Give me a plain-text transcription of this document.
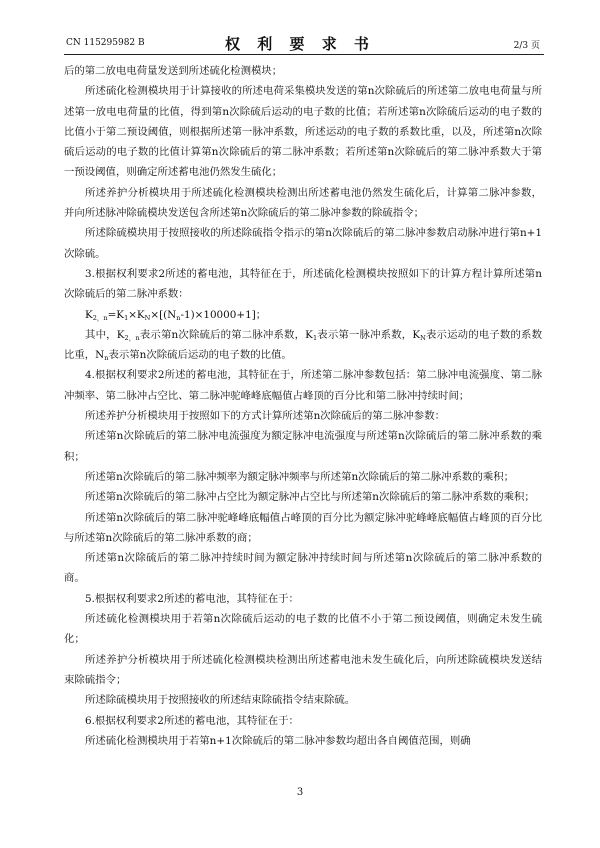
CN 115295982 B	权 利 要 求 书	2/3 页

后的第二放电电荷量发送到所述硫化检测模块；

所述硫化检测模块用于计算接收的所述电荷采集模块发送的第n次除硫后的所述第二放电电荷量与所述第一放电电荷量的比值，得到第n次除硫后运动的电子数的比值；若所述第n次除硫后运动的电子数的比值小于第二预设阈值，则根据所述第一脉冲系数，所述运动的电子数的系数比重，以及，所述第n次除硫后运动的电子数的比值计算第n次除硫后的第二脉冲系数；若所述第n次除硫后的第二脉冲系数大于第一预设阈值，则确定所述蓄电池仍然发生硫化；

所述养护分析模块用于所述硫化检测模块检测出所述蓄电池仍然发生硫化后，计算第二脉冲参数，并向所述脉冲除硫模块发送包含所述第n次除硫后的第二脉冲参数的除硫指令；

所述除硫模块用于按照接收的所述除硫指令指示的第n次除硫后的第二脉冲参数启动脉冲进行第n+1次除硫。

3.根据权利要求2所述的蓄电池，其特征在于，所述硫化检测模块按照如下的计算方程计算所述第n次除硫后的第二脉冲系数：

$K_{2,n}=K_1\times K_N\times[(N_n-1)\times 10000+1]$；

其中，$K_{2,n}$表示第n次除硫后的第二脉冲系数，$K_1$表示第一脉冲系数，$K_N$表示运动的电子数的系数比重，$N_n$表示第n次除硫后运动的电子数的比值。

4.根据权利要求2所述的蓄电池，其特征在于，所述第二脉冲参数包括：第二脉冲电流强度、第二脉冲频率、第二脉冲占空比、第二脉冲驼峰峰底幅值占峰顶的百分比和第二脉冲持续时间；

所述养护分析模块用于按照如下的方式计算所述第n次除硫后的第二脉冲参数：

所述第n次除硫后的第二脉冲电流强度为额定脉冲电流强度与所述第n次除硫后的第二脉冲系数的乘积；

所述第n次除硫后的第二脉冲频率为额定脉冲频率与所述第n次除硫后的第二脉冲系数的乘积；

所述第n次除硫后的第二脉冲占空比为额定脉冲占空比与所述第n次除硫后的第二脉冲系数的乘积；

所述第n次除硫后的第二脉冲驼峰峰底幅值占峰顶的百分比为额定脉冲驼峰峰底幅值占峰顶的百分比与所述第n次除硫后的第二脉冲系数的商；

所述第n次除硫后的第二脉冲持续时间为额定脉冲持续时间与所述第n次除硫后的第二脉冲系数的商。

5.根据权利要求2所述的蓄电池，其特征在于：

所述硫化检测模块用于若第n次除硫后运动的电子数的比值不小于第二预设阈值，则确定未发生硫化；

所述养护分析模块用于所述硫化检测模块检测出所述蓄电池未发生硫化后，向所述除硫模块发送结束除硫指令；

所述除硫模块用于按照接收的所述结束除硫指令结束除硫。

6.根据权利要求2所述的蓄电池，其特征在于：

所述硫化检测模块用于若第n+1次除硫后的第二脉冲参数均超出各自阈值范围，则确

3
